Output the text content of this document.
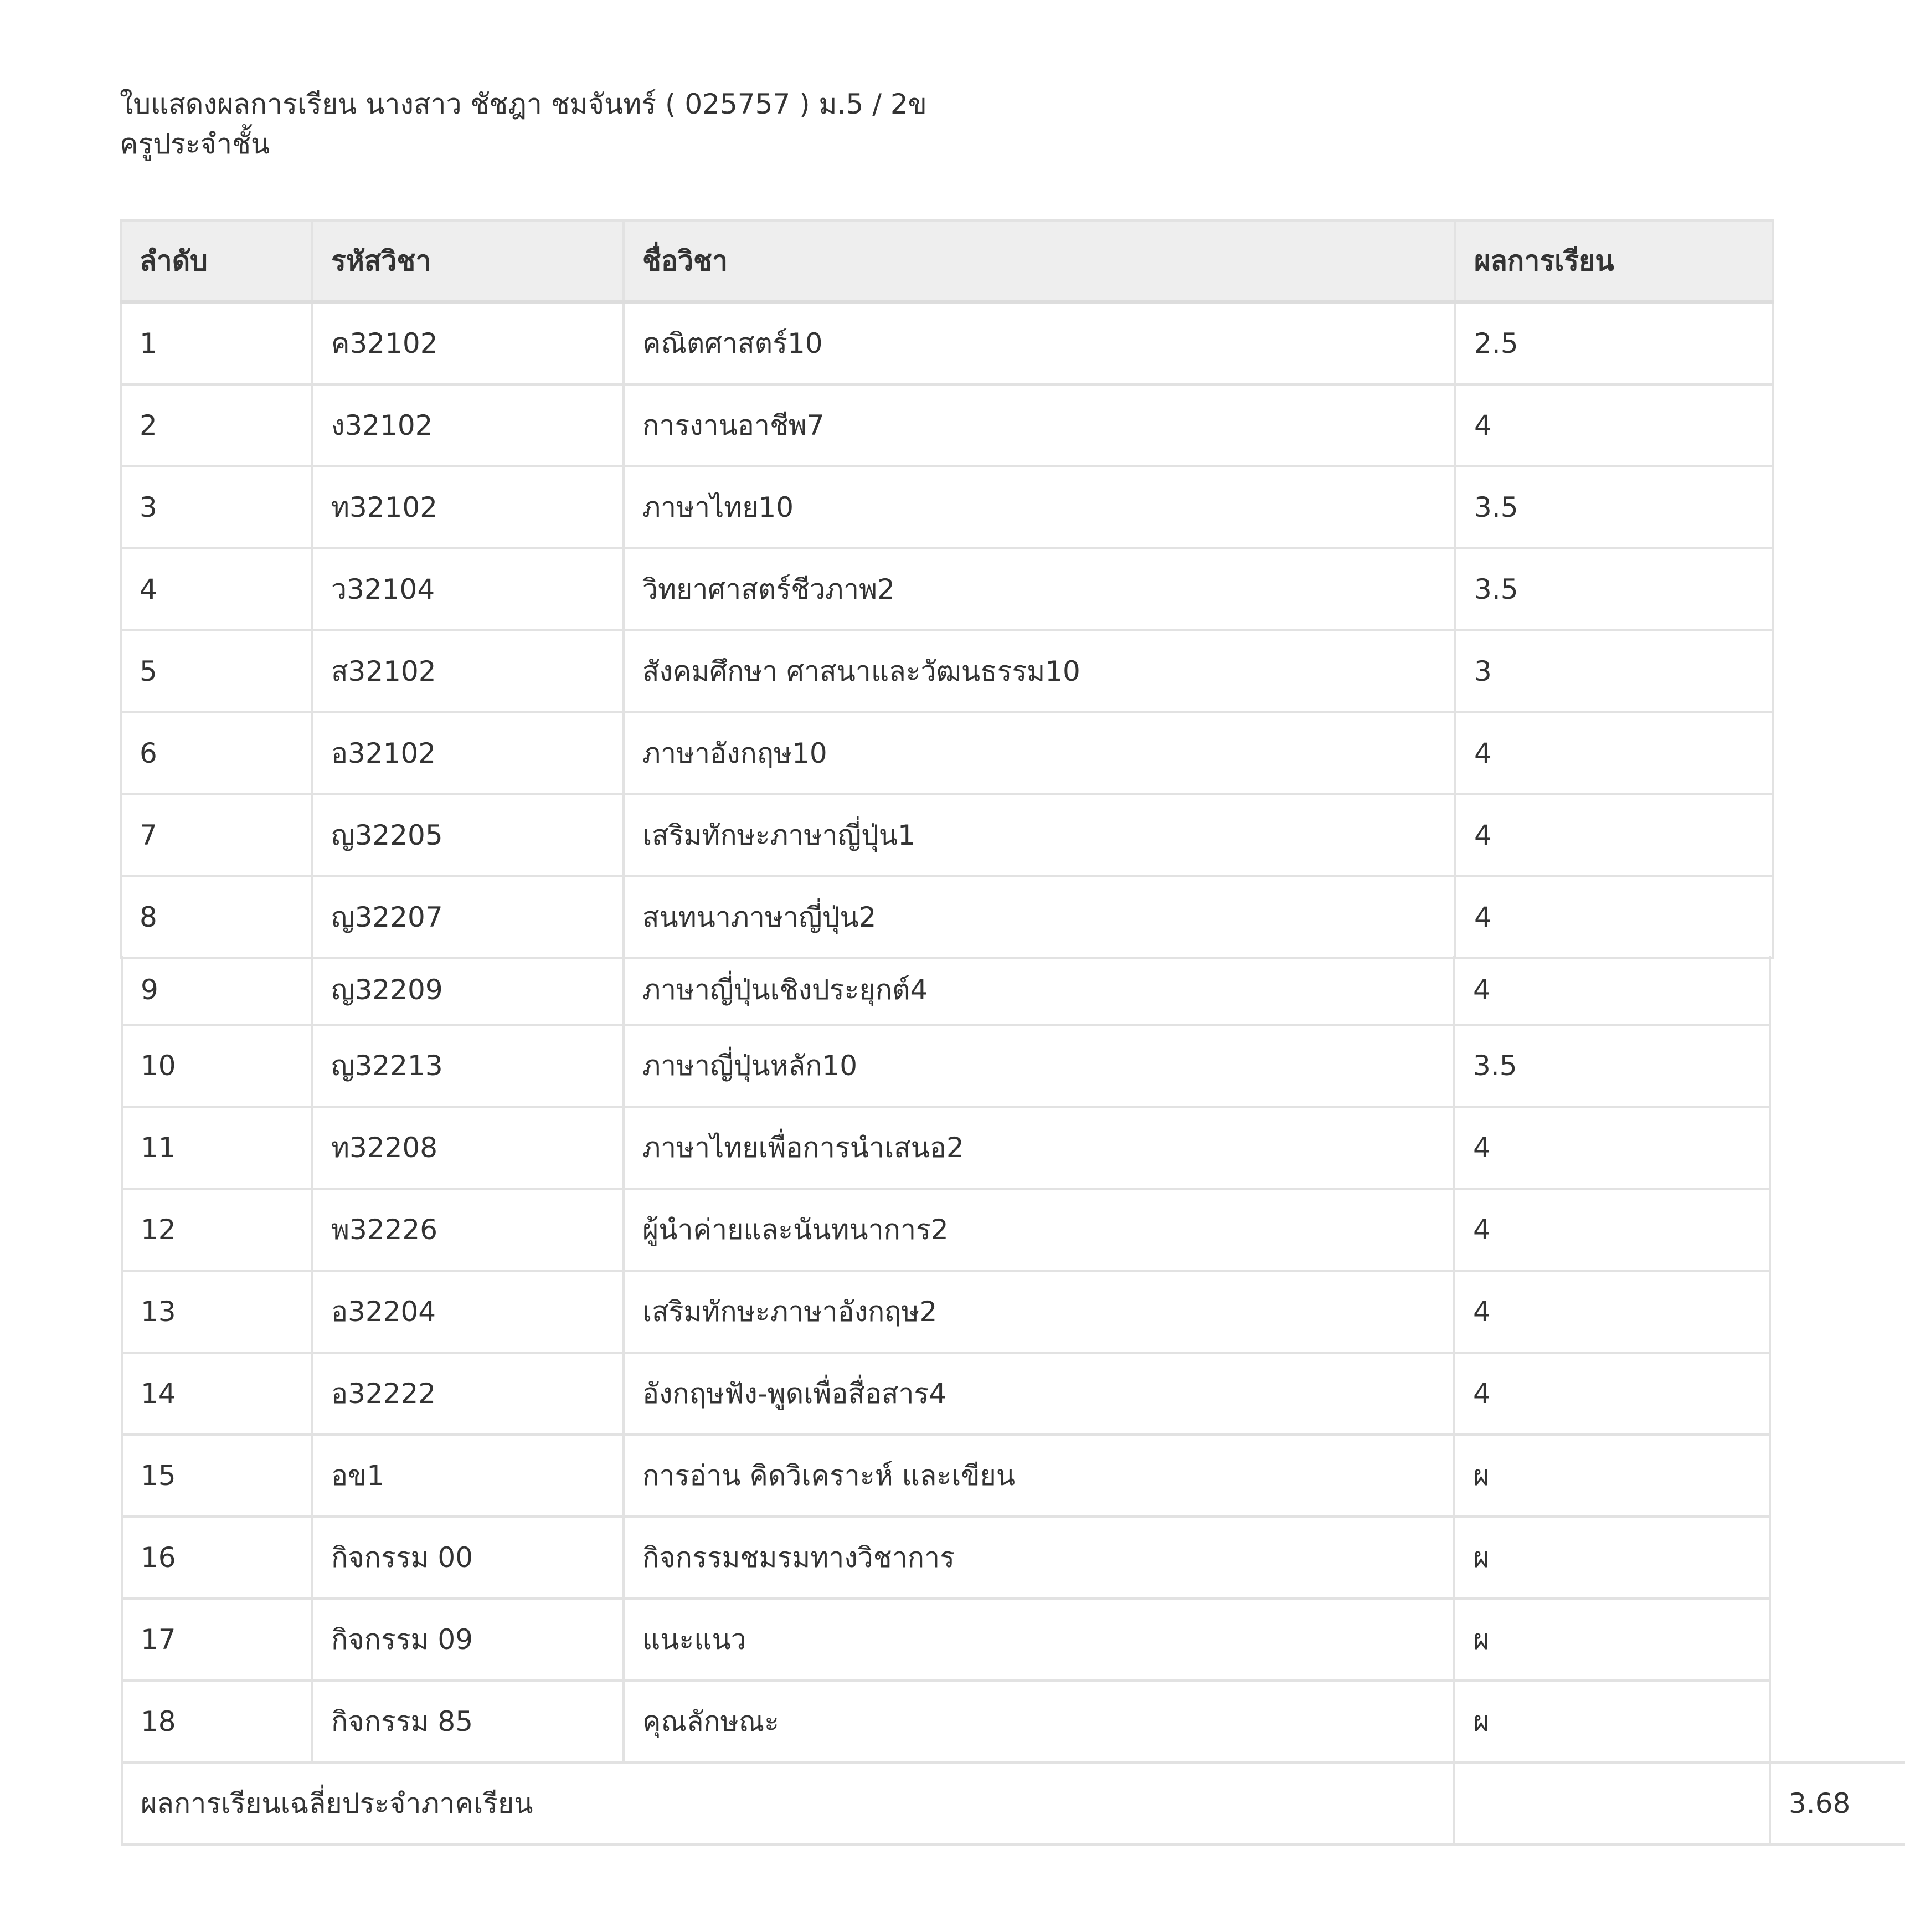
ใบแสดงผลการเรียน นางสาว ชัชฎา ชมจันทร์ ( 025757 ) ม.5 / 2ข
ครูประจำชั้น
ลำดับ	รหัสวิชา	ชื่อวิชา	ผลการเรียน
1	ค32102	คณิตศาสตร์10	2.5
2	ง32102	การงานอาชีพ7	4
3	ท32102	ภาษาไทย10	3.5
4	ว32104	วิทยาศาสตร์ชีวภาพ2	3.5
5	ส32102	สังคมศึกษา ศาสนาและวัฒนธรรม10	3
6	อ32102	ภาษาอังกฤษ10	4
7	ญ32205	เสริมทักษะภาษาญี่ปุ่น1	4
8	ญ32207	สนทนาภาษาญี่ปุ่น2	4
9	ญ32209	ภาษาญี่ปุ่นเชิงประยุกต์4	4	
10	ญ32213	ภาษาญี่ปุ่นหลัก10	3.5	
11	ท32208	ภาษาไทยเพื่อการนำเสนอ2	4	
12	พ32226	ผู้นำค่ายและนันทนาการ2	4	
13	อ32204	เสริมทักษะภาษาอังกฤษ2	4	
14	อ32222	อังกฤษฟัง-พูดเพื่อสื่อสาร4	4	
15	อข1	การอ่าน คิดวิเคราะห์ และเขียน	ผ	
16	กิจกรรม 00	กิจกรรมชมรมทางวิชาการ	ผ	
17	กิจกรรม 09	แนะแนว	ผ	
18	กิจกรรม 85	คุณลักษณะ	ผ	
ผลการเรียนเฉลี่ยประจำภาคเรียน				3.68
